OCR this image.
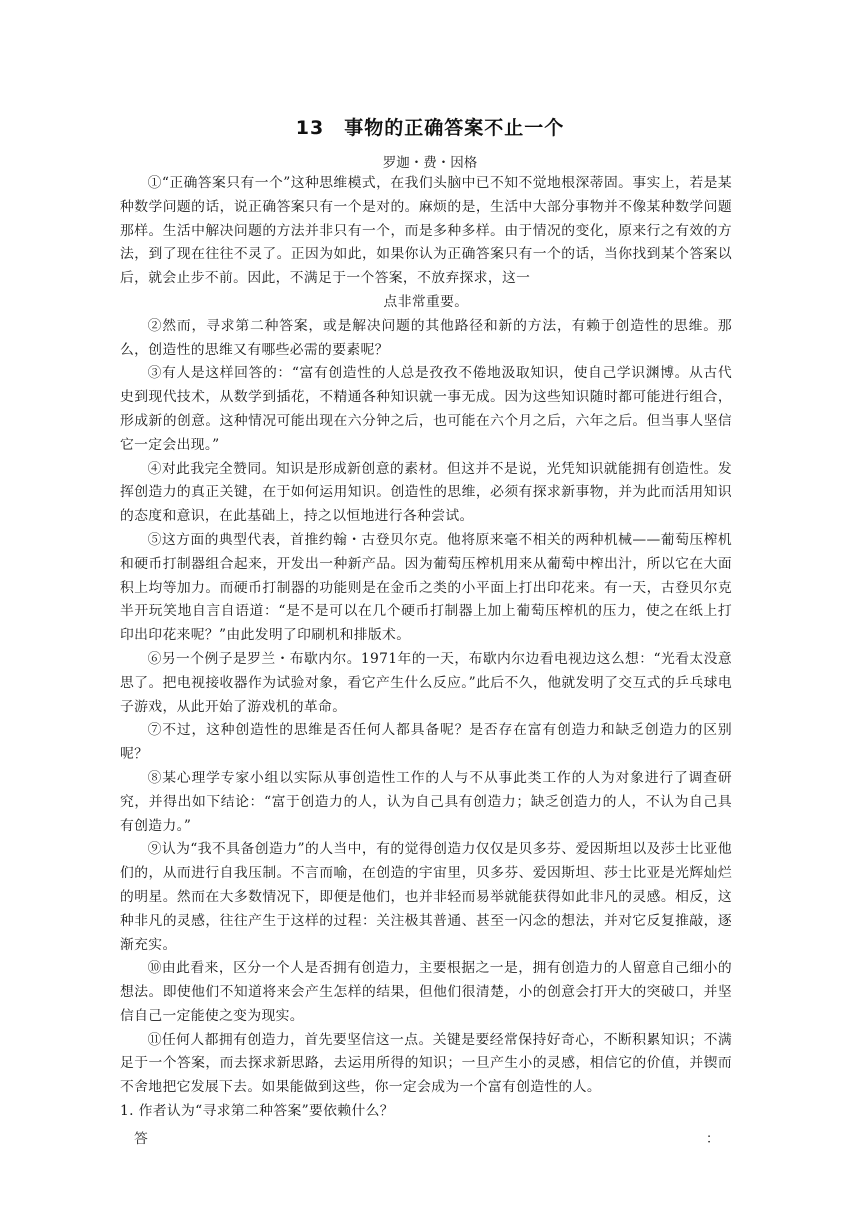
13　事物的正确答案不止一个
罗迦・费・因格

①“正确答案只有一个”这种思维模式，在我们头脑中已不知不觉地根深蒂固。事实上，若是某种数学问题的话，说正确答案只有一个是对的。麻烦的是，生活中大部分事物并不像某种数学问题那样。生活中解决问题的方法并非只有一个，而是多种多样。由于情况的变化，原来行之有效的方法，到了现在往往不灵了。正因为如此，如果你认为正确答案只有一个的话，当你找到某个答案以后，就会止步不前。因此，不满足于一个答案，不放弃探求，这一

点非常重要。

②然而，寻求第二种答案，或是解决问题的其他路径和新的方法，有赖于创造性的思维。那么，创造性的思维又有哪些必需的要素呢？

③有人是这样回答的：“富有创造性的人总是孜孜不倦地汲取知识，使自己学识渊博。从古代史到现代技术，从数学到插花，不精通各种知识就一事无成。因为这些知识随时都可能进行组合，形成新的创意。这种情况可能出现在六分钟之后，也可能在六个月之后，六年之后。但当事人坚信它一定会出现。”

④对此我完全赞同。知识是形成新创意的素材。但这并不是说，光凭知识就能拥有创造性。发挥创造力的真正关键，在于如何运用知识。创造性的思维，必须有探求新事物，并为此而活用知识的态度和意识，在此基础上，持之以恒地进行各种尝试。

⑤这方面的典型代表，首推约翰・古登贝尔克。他将原来毫不相关的两种机械——葡萄压榨机和硬币打制器组合起来，开发出一种新产品。因为葡萄压榨机用来从葡萄中榨出汁，所以它在大面积上均等加力。而硬币打制器的功能则是在金币之类的小平面上打出印花来。有一天，古登贝尔克半开玩笑地自言自语道：“是不是可以在几个硬币打制器上加上葡萄压榨机的压力，使之在纸上打印出印花来呢？”由此发明了印刷机和排版术。

⑥另一个例子是罗兰・布歇内尔。1971年的一天，布歇内尔边看电视边这么想：“光看太没意思了。把电视接收器作为试验对象，看它产生什么反应。”此后不久，他就发明了交互式的乒乓球电子游戏，从此开始了游戏机的革命。

⑦不过，这种创造性的思维是否任何人都具备呢？是否存在富有创造力和缺乏创造力的区别呢？

⑧某心理学专家小组以实际从事创造性工作的人与不从事此类工作的人为对象进行了调查研究，并得出如下结论：“富于创造力的人，认为自己具有创造力；缺乏创造力的人，不认为自己具有创造力。”

⑨认为“我不具备创造力”的人当中，有的觉得创造力仅仅是贝多芬、爱因斯坦以及莎士比亚他们的，从而进行自我压制。不言而喻，在创造的宇宙里，贝多芬、爱因斯坦、莎士比亚是光辉灿烂的明星。然而在大多数情况下，即便是他们，也并非轻而易举就能获得如此非凡的灵感。相反，这种非凡的灵感，往往产生于这样的过程：关注极其普通、甚至一闪念的想法，并对它反复推敲，逐渐充实。

⑩由此看来，区分一个人是否拥有创造力，主要根据之一是，拥有创造力的人留意自己细小的想法。即使他们不知道将来会产生怎样的结果，但他们很清楚，小的创意会打开大的突破口，并坚信自己一定能使之变为现实。

⑪任何人都拥有创造力，首先要坚信这一点。关键是要经常保持好奇心，不断积累知识；不满足于一个答案，而去探求新思路，去运用所得的知识；一旦产生小的灵感，相信它的价值，并锲而不舍地把它发展下去。如果能做到这些，你一定会成为一个富有创造性的人。

1. 作者认为“寻求第二种答案”要依赖什么？

答	：
